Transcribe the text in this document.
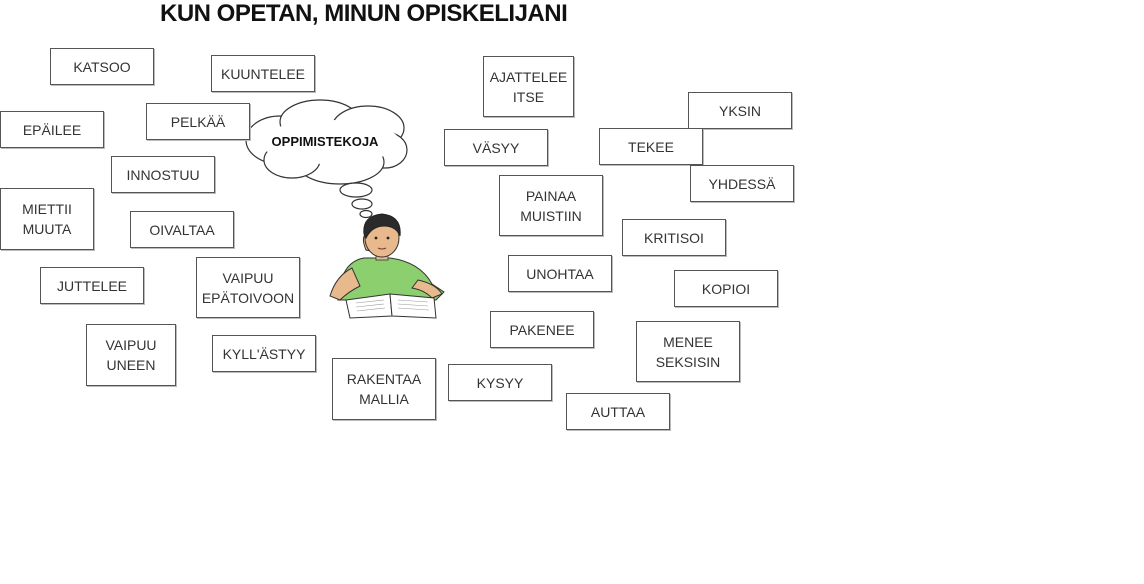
KUN OPETAN, MINUN OPISKELIJANI
OPPIMISTEKOJA
KATSOO	KUUNTELEE
EPÄILEE	PELKÄÄ
INNOSTUU
MIETTII
MUUTA	OIVALTAA
JUTTELEE	VAIPUU
EPÄTOIVOON
VAIPUU
UNEEN
KYLL'ÄSTYY
RAKENTAA
MALLIA
AJATTELEE
ITSE
VÄSYY
PAINAA
MUISTIIN
UNOHTAA
PAKENEE
KYSYY
YKSIN
TEKEE
YHDESSÄ
KRITISOI
KOPIOI
MENEE
SEKSISIN
AUTTAA
